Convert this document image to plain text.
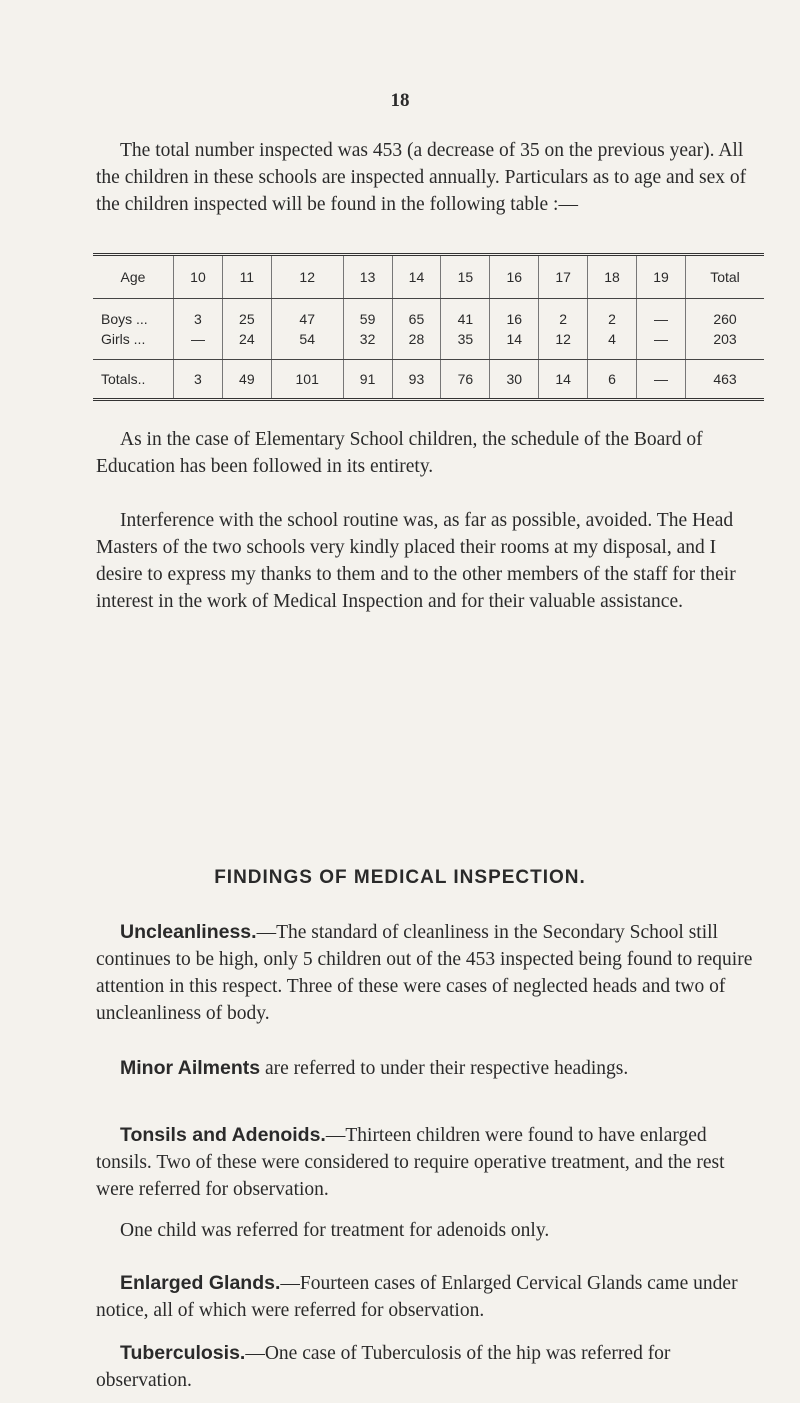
18

The total number inspected was 453 (a decrease of 35 on the previous year). All the children in these schools are inspected annually. Particulars as to age and sex of the children inspected will be found in the following table :—

Age	10	11	12	13	14	15	16	17	18	19	Total
Boys ...	3	25	47	59	65	41	16	2	2	—	260
Girls ...	—	24	54	32	28	35	14	12	4	—	203
Totals..	3	49	101	91	93	76	30	14	6	—	463

As in the case of Elementary School children, the schedule of the Board of Education has been followed in its entirety.

Interference with the school routine was, as far as possible, avoided. The Head Masters of the two schools very kindly placed their rooms at my disposal, and I desire to express my thanks to them and to the other members of the staff for their interest in the work of Medical Inspection and for their valuable assistance.

FINDINGS OF MEDICAL INSPECTION.

Uncleanliness.—The standard of cleanliness in the Secondary School still continues to be high, only 5 children out of the 453 inspected being found to require attention in this respect. Three of these were cases of neglected heads and two of uncleanliness of body.

Minor Ailments are referred to under their respective headings.

Tonsils and Adenoids.—Thirteen children were found to have enlarged tonsils. Two of these were considered to require operative treatment, and the rest were referred for observation.

One child was referred for treatment for adenoids only.

Enlarged Glands.—Fourteen cases of Enlarged Cervical Glands came under notice, all of which were referred for observation.

Tuberculosis.—One case of Tuberculosis of the hip was referred for observation.
